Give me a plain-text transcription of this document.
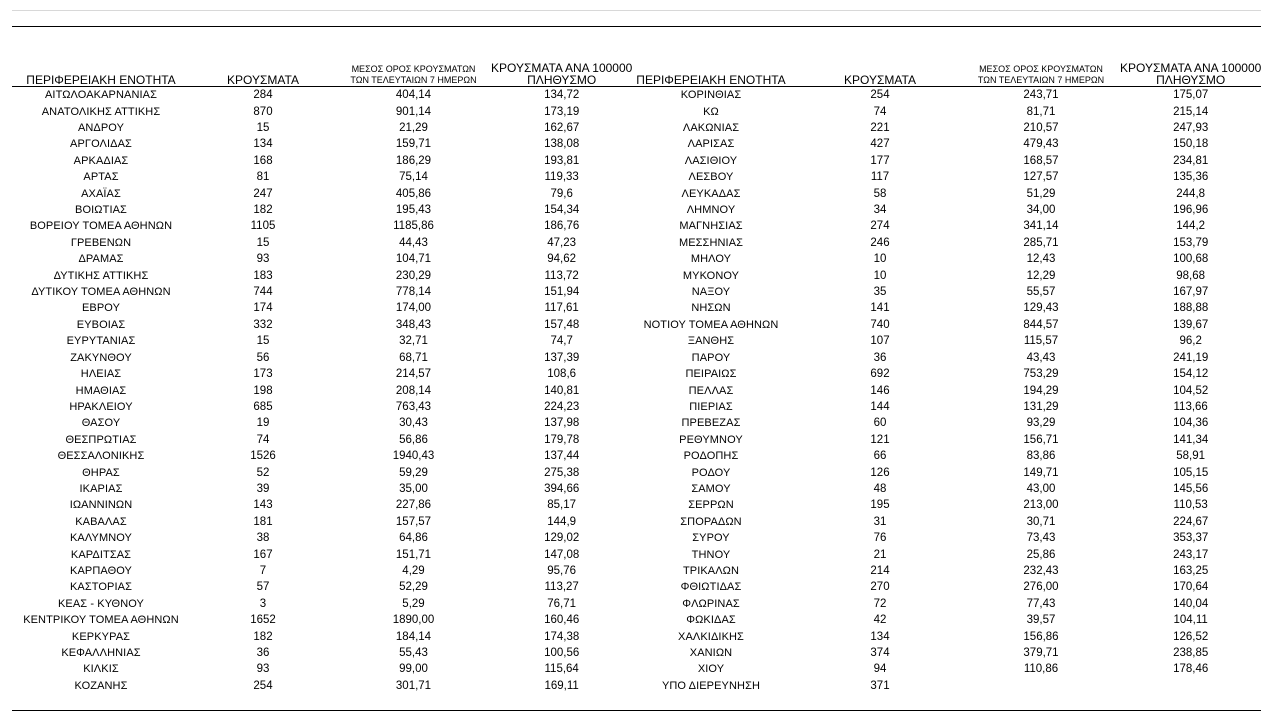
ΠΕΡΙΦΕΡΕΙΑΚΗ ΕΝΟΤΗΤΑ	ΚΡΟΥΣΜΑΤΑ	ΜΕΣΟΣ ΟΡΟΣ ΚΡΟΥΣΜΑΤΩΝ
ΤΩΝ ΤΕΛΕΥΤΑΙΩΝ 7 ΗΜΕΡΩΝ	ΚΡΟΥΣΜΑΤΑ ΑΝΑ 100000
ΠΛΗΘΥΣΜΟ
ΑΙΤΩΛΟΑΚΑΡΝΑΝΙΑΣ	284	404,14	134,72
ΑΝΑΤΟΛΙΚΗΣ ΑΤΤΙΚΗΣ	870	901,14	173,19
ΑΝΔΡΟΥ	15	21,29	162,67
ΑΡΓΟΛΙΔΑΣ	134	159,71	138,08
ΑΡΚΑΔΙΑΣ	168	186,29	193,81
ΑΡΤΑΣ	81	75,14	119,33
ΑΧΑΪΑΣ	247	405,86	79,6
ΒΟΙΩΤΙΑΣ	182	195,43	154,34
ΒΟΡΕΙΟΥ ΤΟΜΕΑ ΑΘΗΝΩΝ	1105	1185,86	186,76
ΓΡΕΒΕΝΩΝ	15	44,43	47,23
ΔΡΑΜΑΣ	93	104,71	94,62
ΔΥΤΙΚΗΣ ΑΤΤΙΚΗΣ	183	230,29	113,72
ΔΥΤΙΚΟΥ ΤΟΜΕΑ ΑΘΗΝΩΝ	744	778,14	151,94
ΕΒΡΟΥ	174	174,00	117,61
ΕΥΒΟΙΑΣ	332	348,43	157,48
ΕΥΡΥΤΑΝΙΑΣ	15	32,71	74,7
ΖΑΚΥΝΘΟΥ	56	68,71	137,39
ΗΛΕΙΑΣ	173	214,57	108,6
ΗΜΑΘΙΑΣ	198	208,14	140,81
ΗΡΑΚΛΕΙΟΥ	685	763,43	224,23
ΘΑΣΟΥ	19	30,43	137,98
ΘΕΣΠΡΩΤΙΑΣ	74	56,86	179,78
ΘΕΣΣΑΛΟΝΙΚΗΣ	1526	1940,43	137,44
ΘΗΡΑΣ	52	59,29	275,38
ΙΚΑΡΙΑΣ	39	35,00	394,66
ΙΩΑΝΝΙΝΩΝ	143	227,86	85,17
ΚΑΒΑΛΑΣ	181	157,57	144,9
ΚΑΛΥΜΝΟΥ	38	64,86	129,02
ΚΑΡΔΙΤΣΑΣ	167	151,71	147,08
ΚΑΡΠΑΘΟΥ	7	4,29	95,76
ΚΑΣΤΟΡΙΑΣ	57	52,29	113,27
ΚΕΑΣ - ΚΥΘΝΟΥ	3	5,29	76,71
ΚΕΝΤΡΙΚΟΥ ΤΟΜΕΑ ΑΘΗΝΩΝ	1652	1890,00	160,46
ΚΕΡΚΥΡΑΣ	182	184,14	174,38
ΚΕΦΑΛΛΗΝΙΑΣ	36	55,43	100,56
ΚΙΛΚΙΣ	93	99,00	115,64
ΚΟΖΑΝΗΣ	254	301,71	169,11
ΠΕΡΙΦΕΡΕΙΑΚΗ ΕΝΟΤΗΤΑ	ΚΡΟΥΣΜΑΤΑ	ΜΕΣΟΣ ΟΡΟΣ ΚΡΟΥΣΜΑΤΩΝ
ΤΩΝ ΤΕΛΕΥΤΑΙΩΝ 7 ΗΜΕΡΩΝ	ΚΡΟΥΣΜΑΤΑ ΑΝΑ 100000
ΠΛΗΘΥΣΜΟ
ΚΟΡΙΝΘΙΑΣ	254	243,71	175,07
ΚΩ	74	81,71	215,14
ΛΑΚΩΝΙΑΣ	221	210,57	247,93
ΛΑΡΙΣΑΣ	427	479,43	150,18
ΛΑΣΙΘΙΟΥ	177	168,57	234,81
ΛΕΣΒΟΥ	117	127,57	135,36
ΛΕΥΚΑΔΑΣ	58	51,29	244,8
ΛΗΜΝΟΥ	34	34,00	196,96
ΜΑΓΝΗΣΙΑΣ	274	341,14	144,2
ΜΕΣΣΗΝΙΑΣ	246	285,71	153,79
ΜΗΛΟΥ	10	12,43	100,68
ΜΥΚΟΝΟΥ	10	12,29	98,68
ΝΑΞΟΥ	35	55,57	167,97
ΝΗΣΩΝ	141	129,43	188,88
ΝΟΤΙΟΥ ΤΟΜΕΑ ΑΘΗΝΩΝ	740	844,57	139,67
ΞΑΝΘΗΣ	107	115,57	96,2
ΠΑΡΟΥ	36	43,43	241,19
ΠΕΙΡΑΙΩΣ	692	753,29	154,12
ΠΕΛΛΑΣ	146	194,29	104,52
ΠΙΕΡΙΑΣ	144	131,29	113,66
ΠΡΕΒΕΖΑΣ	60	93,29	104,36
ΡΕΘΥΜΝΟΥ	121	156,71	141,34
ΡΟΔΟΠΗΣ	66	83,86	58,91
ΡΟΔΟΥ	126	149,71	105,15
ΣΑΜΟΥ	48	43,00	145,56
ΣΕΡΡΩΝ	195	213,00	110,53
ΣΠΟΡΑΔΩΝ	31	30,71	224,67
ΣΥΡΟΥ	76	73,43	353,37
ΤΗΝΟΥ	21	25,86	243,17
ΤΡΙΚΑΛΩΝ	214	232,43	163,25
ΦΘΙΩΤΙΔΑΣ	270	276,00	170,64
ΦΛΩΡΙΝΑΣ	72	77,43	140,04
ΦΩΚΙΔΑΣ	42	39,57	104,11
ΧΑΛΚΙΔΙΚΗΣ	134	156,86	126,52
ΧΑΝΙΩΝ	374	379,71	238,85
ΧΙΟΥ	94	110,86	178,46
ΥΠΟ ΔΙΕΡΕΥΝΗΣΗ	371		
